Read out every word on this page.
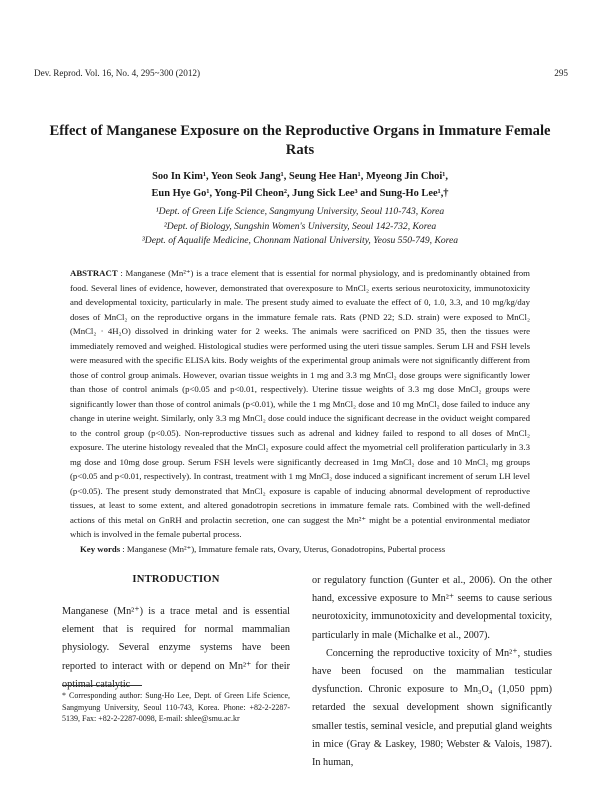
Dev. Reprod. Vol. 16, No. 4, 295~300 (2012)	295
Effect of Manganese Exposure on the Reproductive Organs in Immature Female Rats
Soo In Kim¹, Yeon Seok Jang¹, Seung Hee Han¹, Myeong Jin Choi¹,
Eun Hye Go¹, Yong-Pil Cheon², Jung Sick Lee³ and Sung-Ho Lee¹,†
¹Dept. of Green Life Science, Sangmyung University, Seoul 110-743, Korea
²Dept. of Biology, Sungshin Women's University, Seoul 142-732, Korea
³Dept. of Aqualife Medicine, Chonnam National University, Yeosu 550-749, Korea
ABSTRACT : Manganese (Mn²⁺) is a trace element that is essential for normal physiology, and is predominantly obtained from food. Several lines of evidence, however, demonstrated that overexposure to MnCl₂ exerts serious neurotoxicity, immunotoxicity and developmental toxicity, particularly in male. The present study aimed to evaluate the effect of 0, 1.0, 3.3, and 10 mg/kg/day doses of MnCl₂ on the reproductive organs in the immature female rats. Rats (PND 22; S.D. strain) were exposed to MnCl₂ (MnCl₂ · 4H₂O) dissolved in drinking water for 2 weeks. The animals were sacrificed on PND 35, then the tissues were immediately removed and weighed. Histological studies were performed using the uteri tissue samples. Serum LH and FSH levels were measured with the specific ELISA kits. Body weights of the experimental group animals were not significantly different from those of control group animals. However, ovarian tissue weights in 1 mg and 3.3 mg MnCl₂ dose groups were significantly lower than those of control animals (p<0.05 and p<0.01, respectively). Uterine tissue weights of 3.3 mg dose MnCl₂ groups were significantly lower than those of control animals (p<0.01), while the 1 mg MnCl₂ dose and 10 mg MnCl₂ dose failed to induce any change in uterine weight. Similarly, only 3.3 mg MnCl₂ dose could induce the significant decrease in the oviduct weight compared to the control group (p<0.05). Non-reproductive tissues such as adrenal and kidney failed to respond to all doses of MnCl₂ exposure. The uterine histology revealed that the MnCl₂ exposure could affect the myometrial cell proliferation particularly in 3.3 mg dose and 10mg dose group. Serum FSH levels were significantly decreased in 1mg MnCl₂ dose and 10 MnCl₂ mg groups (p<0.05 and p<0.01, respectively). In contrast, treatment with 1 mg MnCl₂ dose induced a significant increment of serum LH level (p<0.05). The present study demonstrated that MnCl₂ exposure is capable of inducing abnormal development of reproductive tissues, at least to some extent, and altered gonadotropin secretions in immature female rats. Combined with the well-defined actions of this metal on GnRH and prolactin secretion, one can suggest the Mn²⁺ might be a potential environmental mediator which is involved in the female pubertal process.
Key words : Manganese (Mn²⁺), Immature female rats, Ovary, Uterus, Gonadotropins, Pubertal process
INTRODUCTION
Manganese (Mn²⁺) is a trace metal and is essential element that is required for normal mammalian physiology. Several enzyme systems have been reported to interact with or depend on Mn²⁺ for their optimal catalytic
or regulatory function (Gunter et al., 2006). On the other hand, excessive exposure to Mn²⁺ seems to cause serious neurotoxicity, immunotoxicity and developmental toxicity, particularly in male (Michalke et al., 2007).
Concerning the reproductive toxicity of Mn²⁺, studies have been focused on the mammalian testicular dysfunction. Chronic exposure to Mn₃O₄ (1,050 ppm) retarded the sexual development shown significantly smaller testis, seminal vesicle, and preputial gland weights in mice (Gray & Laskey, 1980; Webster & Valois, 1987). In human,
* Corresponding author: Sung-Ho Lee, Dept. of Green Life Science, Sangmyung University, Seoul 110-743, Korea. Phone: +82-2-2287-5139, Fax: +82-2-2287-0098, E-mail: shlee@smu.ac.kr
